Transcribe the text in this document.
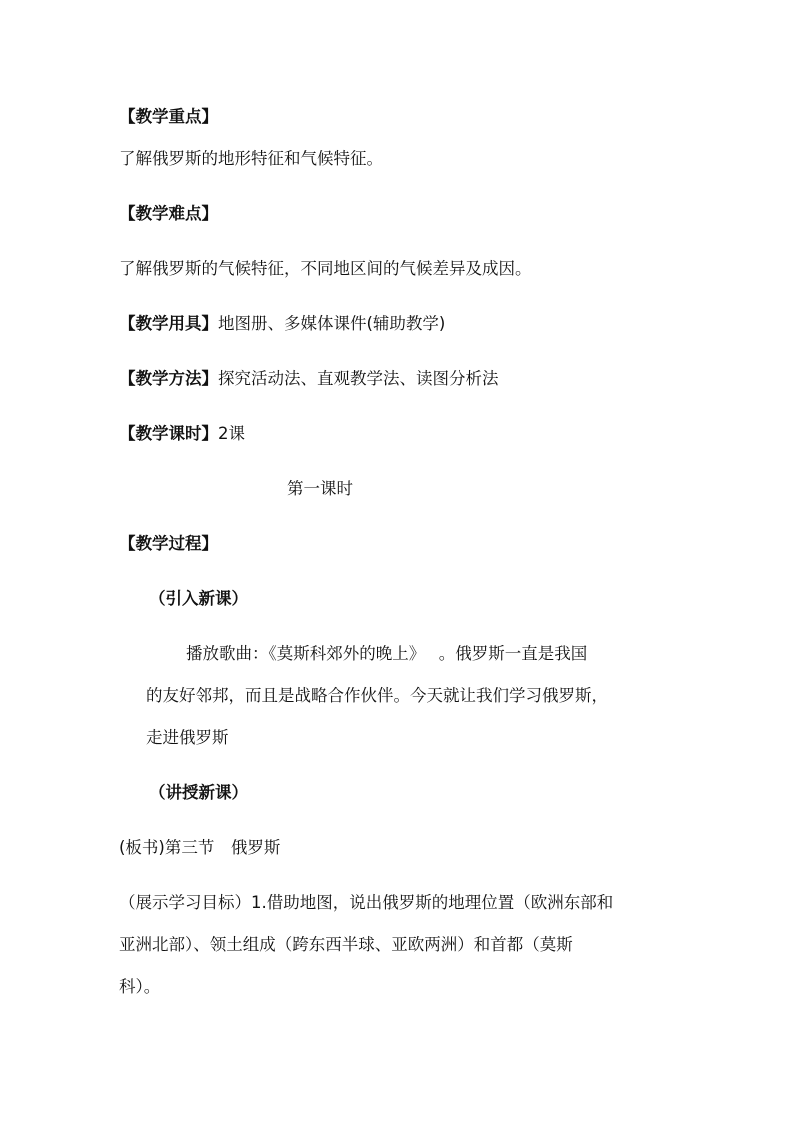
【教学重点】
了解俄罗斯的地形特征和气候特征。
【教学难点】
了解俄罗斯的气候特征，不同地区间的气候差异及成因。
【教学用具】地图册、多媒体课件(辅助教学)
【教学方法】探究活动法、直观教学法、读图分析法
【教学课时】2课
第一课时
【教学过程】
（引入新课）
播放歌曲：《莫斯科郊外的晚上》　 。俄罗斯一直是我国
的友好邻邦，而且是战略合作伙伴。今天就让我们学习俄罗斯，
走进俄罗斯
（讲授新课）
(板书)第三节　俄罗斯
（展示学习目标）1.借助地图，说出俄罗斯的地理位置（欧洲东部和
亚洲北部）、领土组成（跨东西半球、亚欧两洲）和首都（莫斯
科）。
